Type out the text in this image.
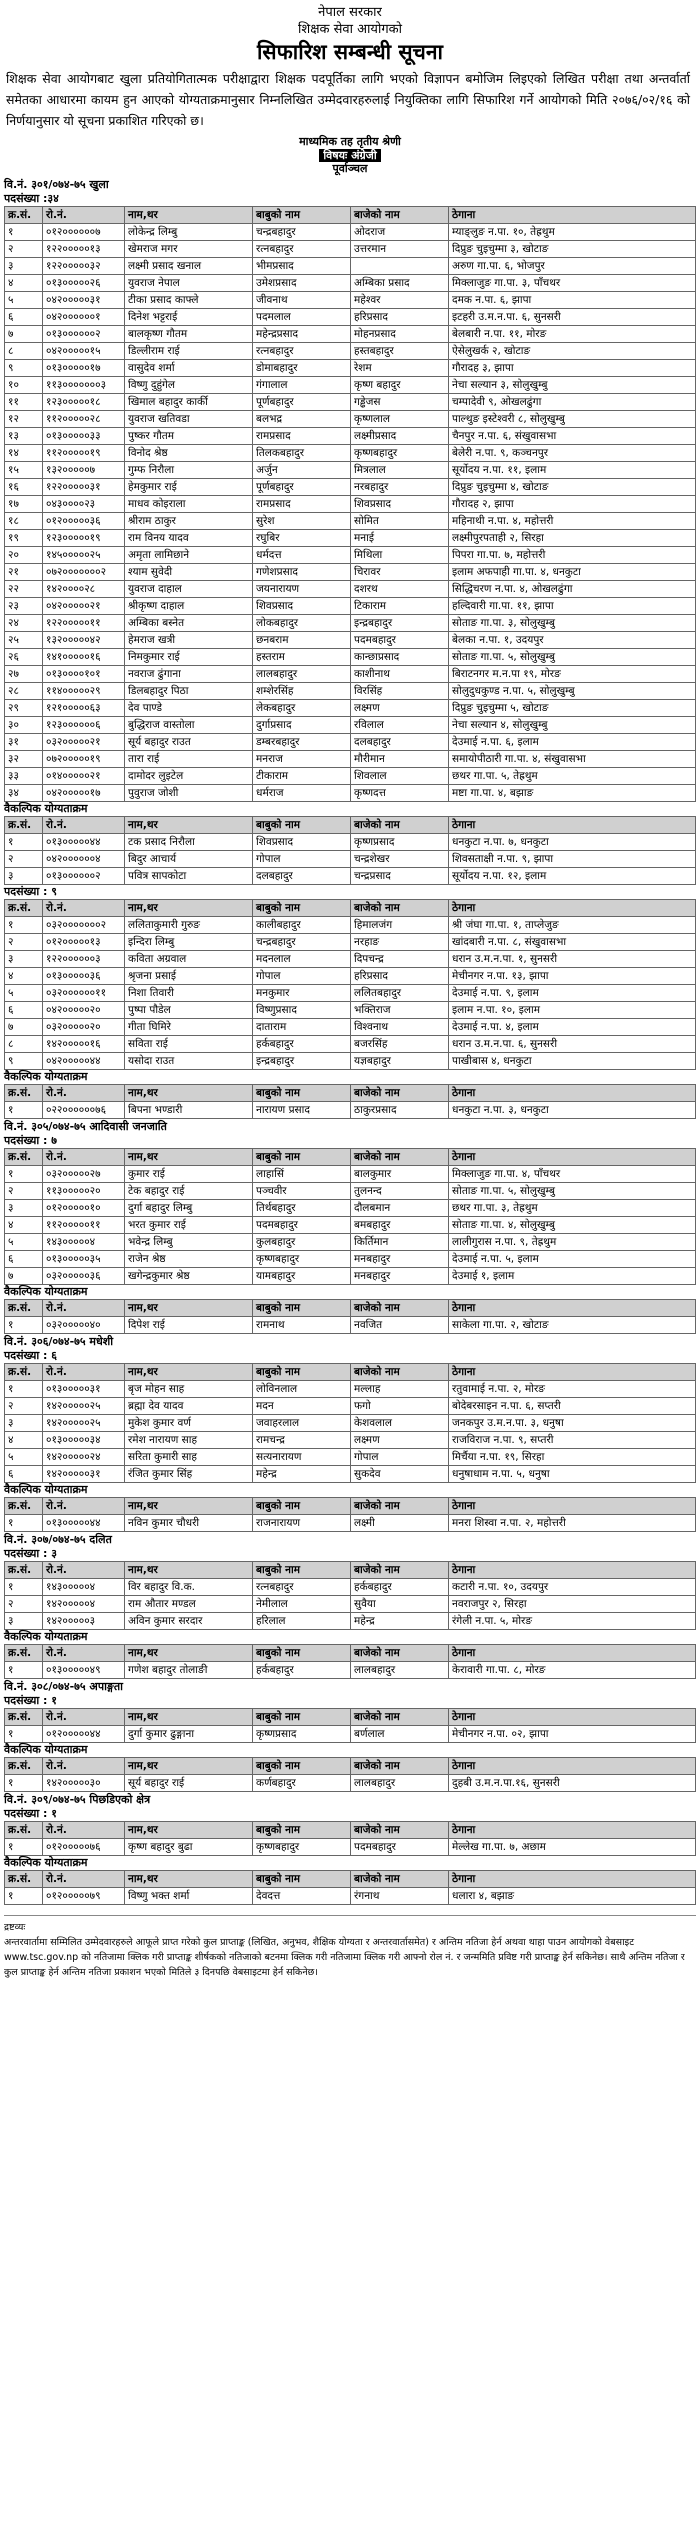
नेपाल सरकार
शिक्षक सेवा आयोगको
सिफारिश सम्बन्धी सूचना
शिक्षक सेवा आयोगबाट खुला प्रतियोगितात्मक परीक्षाद्वारा शिक्षक पदपूर्तिका लागि भएको विज्ञापन बमोजिम लिइएको लिखित परीक्षा तथा अन्तर्वार्ता समेतका आधारमा कायम हुन आएको योग्यताक्रमानुसार निम्नलिखित उम्मेदवारहरुलाई नियुक्तिका लागि सिफारिश गर्ने आयोगको मिति २०७६/०२/१६ को निर्णयानुसार यो सूचना प्रकाशित गरिएको छ।
माध्यमिक तह तृतीय श्रेणी
विषयः अंग्रेजी
पूर्वाञ्चल
वि.नं. ३०१/०७४-७५ खुला
पदसंख्या :३४
क्र.सं.	रो.नं.	नाम,थर	बाबुको नाम	बाजेको नाम	ठेगाना
१	०१२००००००७	लोकेन्द्र लिम्बु	चन्द्रबहादुर	ओदराज	म्याङ्लुङ न.पा. १०, तेह्रथुम
२	१२२०००००१३	खेमराज मगर	रत्नबहादुर	उत्तरमान	दिप्रुङ चुइचुम्मा ३, खोटाङ
३	१२२०००००३२	लक्ष्मी प्रसाद खनाल	भीमप्रसाद		अरुण गा.पा. ६, भोजपुर
४	०१३०००००२६	युवराज नेपाल	उमेशप्रसाद	अम्बिका प्रसाद	मिक्लाजुङ गा.पा. ३, पाँचथर
५	०४२०००००३१	टीका प्रसाद काफ्ले	जीवनाथ	महेश्वर	दमक न.पा. ६, झापा
६	०४२००००००१	दिनेश भट्टराई	पदमलाल	हरिप्रसाद	इटहरी उ.म.न.पा. ६, सुनसरी
७	०१३००००००२	बालकृष्ण गौतम	महेन्द्रप्रसाद	मोहनप्रसाद	बेलबारी न.पा. ११, मोरङ
८	०४२०००००१५	डिल्लीराम राई	रत्नबहादुर	हस्तबहादुर	ऐसेलुखर्क २, खोटाङ
९	०१३०००००१७	वासुदेव शर्मा	डोमाबहादुर	रेशम	गौरादह ३, झापा
१०	११३०००००००३	विष्णु दुहुंगेल	गंगालाल	कृष्ण बहादुर	नेचा सल्यान ३, सोलुखुम्बु
११	१२३०००००१८	खिमाल बहादुर कार्की	पूर्णबहादुर	गड्ढेजस	चम्पादेवी ९, ओखलढुंगा
१२	११२०००००२८	युवराज खतिवडा	बलभद्र	कृष्णलाल	पाल्थुङ इस्टेश्वरी ८, सोलुखुम्बु
१३	०१३०००००३३	पुष्कर गौतम	रामप्रसाद	लक्ष्मीप्रसाद	चैनपुर न.पा. ६, संखुवासभा
१४	११२०००००१९	विनोद श्रेष्ठ	तिलकबहादुर	कृष्णबहादुर	बेलेरी न.पा. ९, कञ्चनपुर
१५	१३२०००००७	गुम्फ निरौला	अर्जुन	मित्रलाल	सूर्योदय न.पा. ११, इलाम
१६	१२२०००००३१	हेमकुमार राई	पूर्णबहादुर	नरबहादुर	दिप्रुङ चुइचुम्मा ४, खोटाङ
१७	०४३००००२३	माधव कोइराला	रामप्रसाद	शिवप्रसाद	गौरादह २, झापा
१८	०१२०००००३६	श्रीराम ठाकुर	सुरेश	सोमित	महिनाथी न.पा. ४, महोत्तरी
१९	१२३०००००१९	राम विनय यादव	रघुबिर	मनाई	लक्ष्मीपुरपताही २, सिरहा
२०	१४५०००००२५	अमृता लामिछाने	धर्मदत्त	मिथिला	पिपरा गा.पा. ७, महोत्तरी
२१	०७२०००००००२	श्याम सुवेदी	गणेशप्रसाद	चिरावर	इलाम अफपाही गा.पा. ४, धनकुटा
२२	१४२००००२८	युवराज दाहाल	जयनारायण	दशरथ	सिद्धिचरण न.पा. ४, ओखलढुंगा
२३	०४२०००००२१	श्रीकृष्ण दाहाल	शिवप्रसाद	टिकाराम	हल्दिवारी गा.पा. ११, झापा
२४	१२२०००००११	अम्बिका बस्नेत	लोकबहादुर	इन्द्रबहादुर	सोताङ गा.पा. ३, सोलुखुम्बु
२५	१३२०००००४२	हेमराज खत्री	छनबराम	पदमबहादुर	बेलका न.पा. १, उदयपुर
२६	१४१०००००१६	निमकुमार राई	हस्तराम	कान्छाप्रसाद	सोताङ गा.पा. ५, सोलुखुम्बु
२७	०१३००००१०१	नवराज ढुंगाना	लालबहादुर	काशीनाथ	बिराटनगर म.न.पा १९, मोरङ
२८	११४०००००२९	डिलबहादुर पिठा	शम्शेरसिंह	विरसिंह	सोलुदुधकुण्ड न.पा. ५, सोलुखुम्बु
२९	१२१०००००६३	देव पाण्डे	लेकबहादुर	लक्ष्मण	दिप्रुङ चुइचुम्मा ५, खोटाङ
३०	१२३००००००६	बुद्धिराज वास्तोला	दुर्गाप्रसाद	रविलाल	नेचा सल्यान ४, सोलुखुम्बु
३१	०३२०००००२१	सूर्य बहादुर राउत	डम्बरबहादुर	दलबहादुर	देउमाई न.पा. ६, इलाम
३२	०७२०००००१९	तारा राई	मनराज	मौरीमान	समायोपीठारी गा.पा. ४, संखुवासभा
३३	०१४०००००२१	दामोदर लुइटेल	टीकाराम	शिवलाल	छथर गा.पा. ५, तेह्रथुम
३४	०४२०००००१७	पुवुराज जोशी	धर्मराज	कृष्णदत्त	मष्टा गा.पा. ४, बझाङ
वैकल्पिक योग्यताक्रम
क्र.सं.	रो.नं.	नाम,थर	बाबुको नाम	बाजेको नाम	ठेगाना
१	०१३०००००४४	टक प्रसाद निरौला	शिवप्रसाद	कृष्णप्रसाद	धनकुटा न.पा. ७, धनकुटा
२	०४२००००००४	बिदुर आचार्य	गोपाल	चन्द्रशेखर	शिवसताक्षी न.पा. ९, झापा
३	०१३००००००२	पवित्र सापकोटा	दलबहादुर	चन्द्रप्रसाद	सूर्योदय न.पा. १२, इलाम
पदसंख्या : ९
क्र.सं.	रो.नं.	नाम,थर	बाबुको नाम	बाजेको नाम	ठेगाना
१	०३२०००००००२	ललिताकुमारी गुरुङ	कालीबहादुर	हिमालजंग	श्री जंघा गा.पा. १, ताप्लेजुङ
२	०१२०००००१३	इन्दिरा लिम्बु	चन्द्रबहादुर	नरहाङ	खांदबारी न.पा. ८, संखुवासभा
३	१२२००००००३	कविता अग्रवाल	मदनलाल	दिपचन्द्र	धरान उ.म.न.पा. १, सुनसरी
४	०१३०००००३६	श्रृजना प्रसाई	गोपाल	हरिप्रसाद	मेचीनगर न.पा. १३, झापा
५	०३२००००००११	निशा तिवारी	मनकुमार	ललितबहादुर	देउमाई न.पा. ९, इलाम
६	०४२०००००२०	पुष्पा पौडेल	विष्णुप्रसाद	भक्तिराज	इलाम न.पा. १०, इलाम
७	०३२०००००२०	गीता घिमिरे	दाताराम	विश्वनाथ	देउमाई न.पा. ४, इलाम
८	१४२०००००१६	सविता राई	हर्कबहादुर	बजरसिंह	धरान उ.म.न.पा. ६, सुनसरी
९	०४२०००००४४	यसोदा राउत	इन्द्रबहादुर	यज्ञबहादुर	पाखीबास ४, धनकुटा
वैकल्पिक योग्यताक्रम
क्र.सं.	रो.नं.	नाम,थर	बाबुको नाम	बाजेको नाम	ठेगाना
१	०२२००००००७६	बिपना भण्डारी	नारायण प्रसाद	ठाकुरप्रसाद	धनकुटा न.पा. ३, धनकुटा
वि.नं. ३०५/०७४-७५ आदिवासी जनजाति
पदसंख्या : ७
क्र.सं.	रो.नं.	नाम,थर	बाबुको नाम	बाजेको नाम	ठेगाना
१	०३२०००००२७	कुमार राई	लाहासिं	बालकुमार	मिक्लाजुङ गा.पा. ४, पाँचथर
२	११३०००००२०	टेक बहादुर राई	पञ्चवीर	तुलनन्द	सोताङ गा.पा. ५, सोलुखुम्बु
३	०१२०००००१०	दुर्गा बहादुर लिम्बु	तिर्थबहादुर	दौलबमान	छथर गा.पा. ३, तेह्रथुम
४	११२०००००११	भरत कुमार राई	पदमबहादुर	बमबहादुर	सोताङ गा.पा. ४, सोलुखुम्बु
५	१४३०००००४	भवेन्द्र लिम्बु	कुलबहादुर	किर्तिमान	लालीगुरास न.पा. ९, तेह्रथुम
६	०१३०००००३५	राजेन श्रेष्ठ	कृष्णबहादुर	मनबहादुर	देउमाई न.पा. ५, इलाम
७	०३२०००००३६	खगेन्द्रकुमार श्रेष्ठ	यामबहादुर	मनबहादुर	देउमाई १, इलाम
वैकल्पिक योग्यताक्रम
क्र.सं.	रो.नं.	नाम,थर	बाबुको नाम	बाजेको नाम	ठेगाना
१	०३२०००००४०	दिपेश राई	रामनाथ	नवजित	साकेला गा.पा. २, खोटाङ
वि.नं. ३०६/०७४-७५ मधेशी
पदसंख्या : ६
क्र.सं.	रो.नं.	नाम,थर	बाबुको नाम	बाजेको नाम	ठेगाना
१	०१३०००००३१	बृज मोहन साह	लोविनलाल	मल्लाह	रतुवामाई न.पा. २, मोरङ
२	१४२०००००२५	ब्रह्मा देव यादव	मदन	फगो	बोदेबरसाइन न.पा. ६, सप्तरी
३	१४२०००००२५	मुकेश कुमार वर्ण	जवाहरलाल	केशवलाल	जनकपुर उ.म.न.पा. ३, धनुषा
४	०१३०००००३४	रमेश नारायण साह	रामचन्द्र	लक्ष्मण	राजविराज न.पा. ९, सप्तरी
५	१४२०००००२४	सरिता कुमारी साह	सत्यनारायण	गोपाल	मिर्चैया न.पा. १९, सिरहा
६	१४२०००००३१	रंजित कुमार सिंह	महेन्द्र	सुकदेव	धनुषाधाम न.पा. ५, धनुषा
वैकल्पिक योग्यताक्रम
क्र.सं.	रो.नं.	नाम,थर	बाबुको नाम	बाजेको नाम	ठेगाना
१	०१३०००००४४	नविन कुमार चौधरी	राजनारायण	लक्ष्मी	मनरा शिस्वा न.पा. २, महोत्तरी
वि.नं. ३०७/०७४-७५ दलित
पदसंख्या : ३
क्र.सं.	रो.नं.	नाम,थर	बाबुको नाम	बाजेको नाम	ठेगाना
१	१४३०००००४	विर बहादुर वि.क.	रत्नबहादुर	हर्कबहादुर	कटारी न.पा. १०, उदयपुर
२	१४२०००००४	राम औतार मण्डल	नेमीलाल	सुवैया	नवराजपुर २, सिरहा
३	१४२०००००३	अविन कुमार सरदार	हरिलाल	महेन्द्र	रंगेली न.पा. ५, मोरङ
वैकल्पिक योग्यताक्रम
क्र.सं.	रो.नं.	नाम,थर	बाबुको नाम	बाजेको नाम	ठेगाना
१	०१३०००००४९	गणेश बहादुर तोलाङी	हर्कबहादुर	लालबहादुर	केरावारी गा.पा. ८, मोरङ
वि.नं. ३०८/०७४-७५ अपाङ्गता
पदसंख्या : १
क्र.सं.	रो.नं.	नाम,थर	बाबुको नाम	बाजेको नाम	ठेगाना
१	०१२०००००४४	दुर्गा कुमार ढुङ्गाना	कृष्णप्रसाद	बर्णलाल	मेचीनगर न.पा. ०२, झापा
वैकल्पिक योग्यताक्रम
क्र.सं.	रो.नं.	नाम,थर	बाबुको नाम	बाजेको नाम	ठेगाना
१	१४२०००००३०	सूर्य बहादुर राई	कर्णबहादुर	लालबहादुर	दुहबी उ.म.न.पा.१६, सुनसरी
वि.नं. ३०९/०७४-७५ पिछडिएको क्षेत्र
पदसंख्या : १
क्र.सं.	रो.नं.	नाम,थर	बाबुको नाम	बाजेको नाम	ठेगाना
१	०१२०००००७६	कृष्ण बहादुर बुढा	कृष्णबहादुर	पदमबहादुर	मेल्लेख गा.पा. ७, अछाम
वैकल्पिक योग्यताक्रम
क्र.सं.	रो.नं.	नाम,थर	बाबुको नाम	बाजेको नाम	ठेगाना
१	०१२०००००७९	विष्णु भक्त शर्मा	देवदत्त	रंगनाथ	धलारा ४, बझाङ
द्रष्टव्यः
अन्तरवार्तामा सम्मिलित उम्मेदवारहरुले आफूले प्राप्त गरेको कुल प्राप्ताङ्क (लिखित, अनुभव, शैक्षिक योग्यता र अन्तरवार्तासमेत) र अन्तिम नतिजा हेर्न अथवा थाहा पाउन आयोगको वेबसाइट www.tsc.gov.np को नतिजामा क्लिक गरी प्राप्ताङ्क शीर्षकको नतिजाको बटनमा क्लिक गरी नतिजामा क्लिक गरी आफ्नो रोल नं. र जन्ममिति प्रविष्ट गरी प्राप्ताङ्क हेर्न सकिनेछ। साथै अन्तिम नतिजा र कुल प्राप्ताङ्क हेर्न अन्तिम नतिजा प्रकाशन भएको मितिले ३ दिनपछि वेबसाइटमा हेर्न सकिनेछ।
